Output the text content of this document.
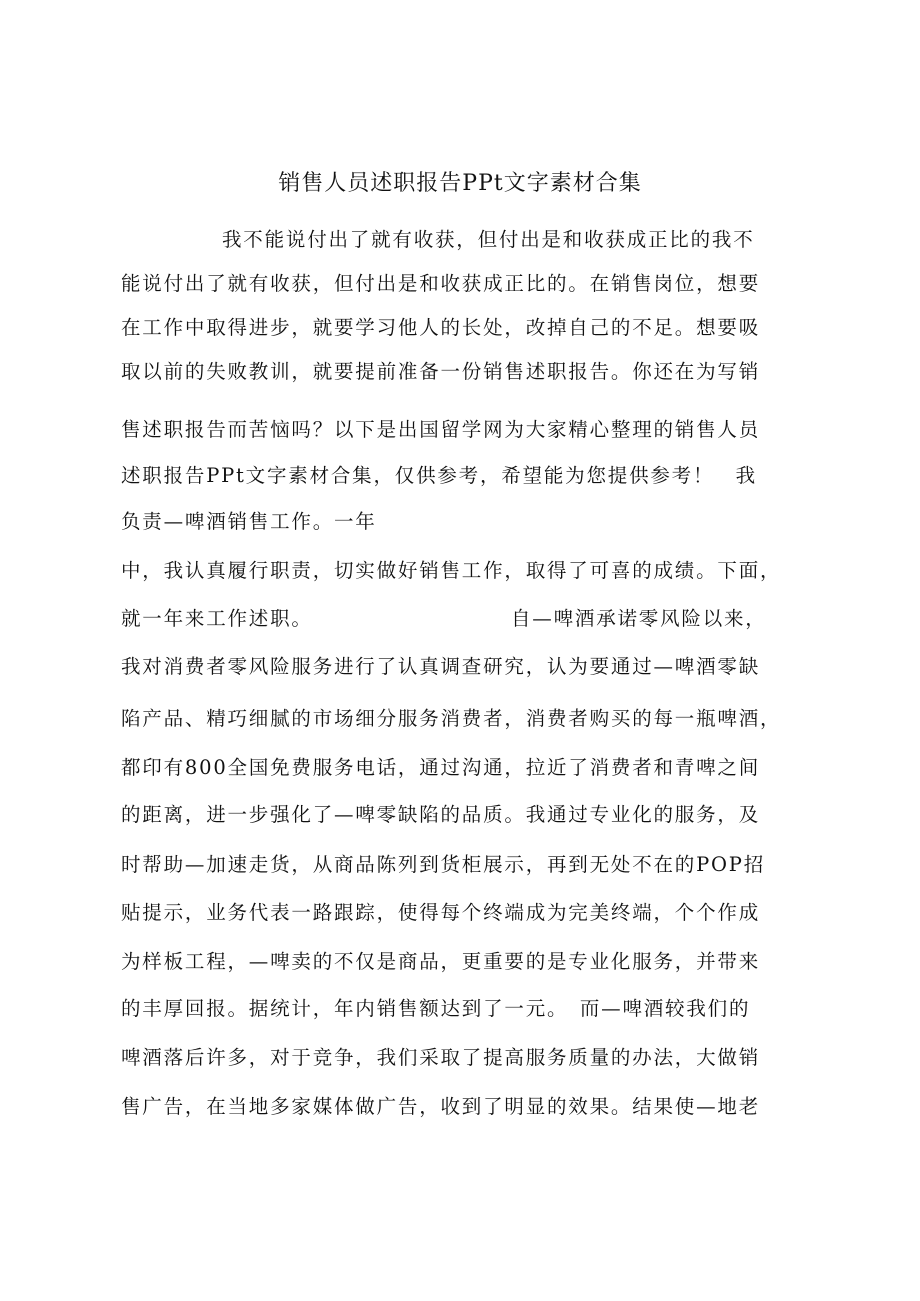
销售人员述职报告PPt文字素材合集
我不能说付出了就有收获，但付出是和收获成正比的我不
能说付出了就有收获，但付出是和收获成正比的。在销售岗位，想要
在工作中取得进步，就要学习他人的长处，改掉自己的不足。想要吸
取以前的失败教训，就要提前准备一份销售述职报告。你还在为写销
售述职报告而苦恼吗？以下是出国留学网为大家精心整理的销售人员
述职报告PPt文字素材合集，仅供参考，希望能为您提供参考！　我
负责—啤酒销售工作。一年
中，我认真履行职责，切实做好销售工作，取得了可喜的成绩。下面，
就一年来工作述职。	自—啤酒承诺零风险以来，
我对消费者零风险服务进行了认真调查研究，认为要通过—啤酒零缺
陷产品、精巧细腻的市场细分服务消费者，消费者购买的每一瓶啤酒，
都印有800全国免费服务电话，通过沟通，拉近了消费者和青啤之间
的距离，进一步强化了—啤零缺陷的品质。我通过专业化的服务，及
时帮助—加速走货，从商品陈列到货柜展示，再到无处不在的POP招
贴提示，业务代表一路跟踪，使得每个终端成为完美终端，个个作成
为样板工程，—啤卖的不仅是商品，更重要的是专业化服务，并带来
的丰厚回报。据统计，年内销售额达到了一元。　而—啤酒较我们的
啤酒落后许多，对于竞争，我们采取了提高服务质量的办法，大做销
售广告，在当地多家媒体做广告，收到了明显的效果。结果使—地老
